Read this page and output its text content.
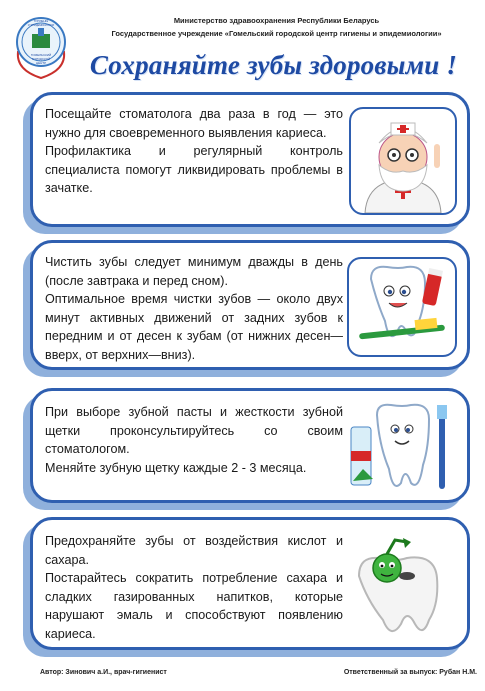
ГОМЕЛЬСКИЙ
ГОРОДСКОЙ
ЦЕНТР
ГИГИЕНЫ
И ЭПИДЕМИОЛОГИИ
Министерство здравоохранения Республики Беларусь
Государственное учреждение «Гомельский городской центр гигиены и эпидемиологии»
Сохраняйте зубы здоровыми !

Посещайте стоматолога два раза в год — это нужно для своевременного выявления кариеса.

Профилактика и регулярный контроль специалиста помогут ликвидировать проблемы в зачатке.

Чистить зубы следует минимум дважды в день (после завтрака и перед сном).

Оптимальное время чистки зубов — около двух минут активных движений от задних зубов к передним и от десен к зубам (от нижних десен—вверх, от верхних—вниз).

При выборе зубной пасты и жесткости зубной щетки проконсультируйтесь со своим стоматологом.

Меняйте зубную щетку каждые 2 - 3 месяца.

Предохраняйте зубы от воздействия кислот и сахара.

Постарайтесь сократить потребление сахара и сладких газированных напитков, которые нарушают эмаль и способствуют появлению кариеса.

Автор: Зинович а.И., врач-гигиенист	Ответственный за выпуск: Рубан Н.М.
